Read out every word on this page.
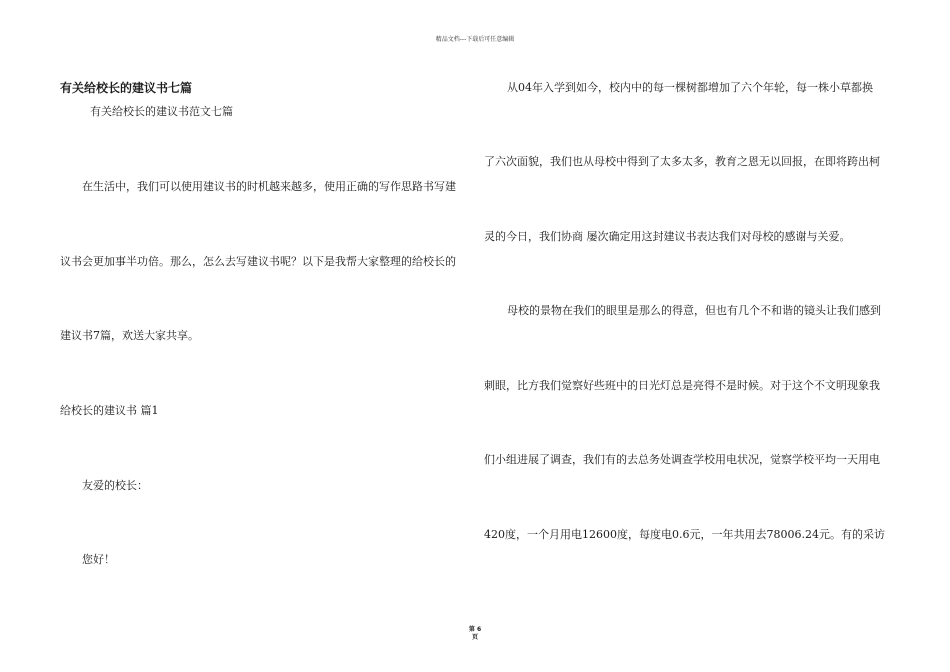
精品文档---下载后可任意编辑
有关给校长的建议书七篇
有关给校长的建议书范文七篇
在生活中，我们可以使用建议书的时机越来越多，使用正确的写作思路书写建
议书会更加事半功倍。那么，怎么去写建议书呢？以下是我帮大家整理的给校长的
建议书7篇，欢送大家共享。
给校长的建议书 篇1
友爱的校长：
您好！
从04年入学到如今，校内中的每一棵树都增加了六个年轮，每一株小草都换
了六次面貌，我们也从母校中得到了太多太多，教育之恩无以回报，在即将跨出柯
灵的今日，我们协商 屡次确定用这封建议书表达我们对母校的感谢与关爱。
母校的景物在我们的眼里是那么的得意，但也有几个不和谐的镜头让我们感到
刺眼，比方我们觉察好些班中的日光灯总是亮得不是时候。对于这个不文明现象我
们小组进展了调查，我们有的去总务处调查学校用电状况，觉察学校平均一天用电
420度，一个月用电12600度，每度电0.6元，一年共用去78006.24元。有的采访
第 6
页
